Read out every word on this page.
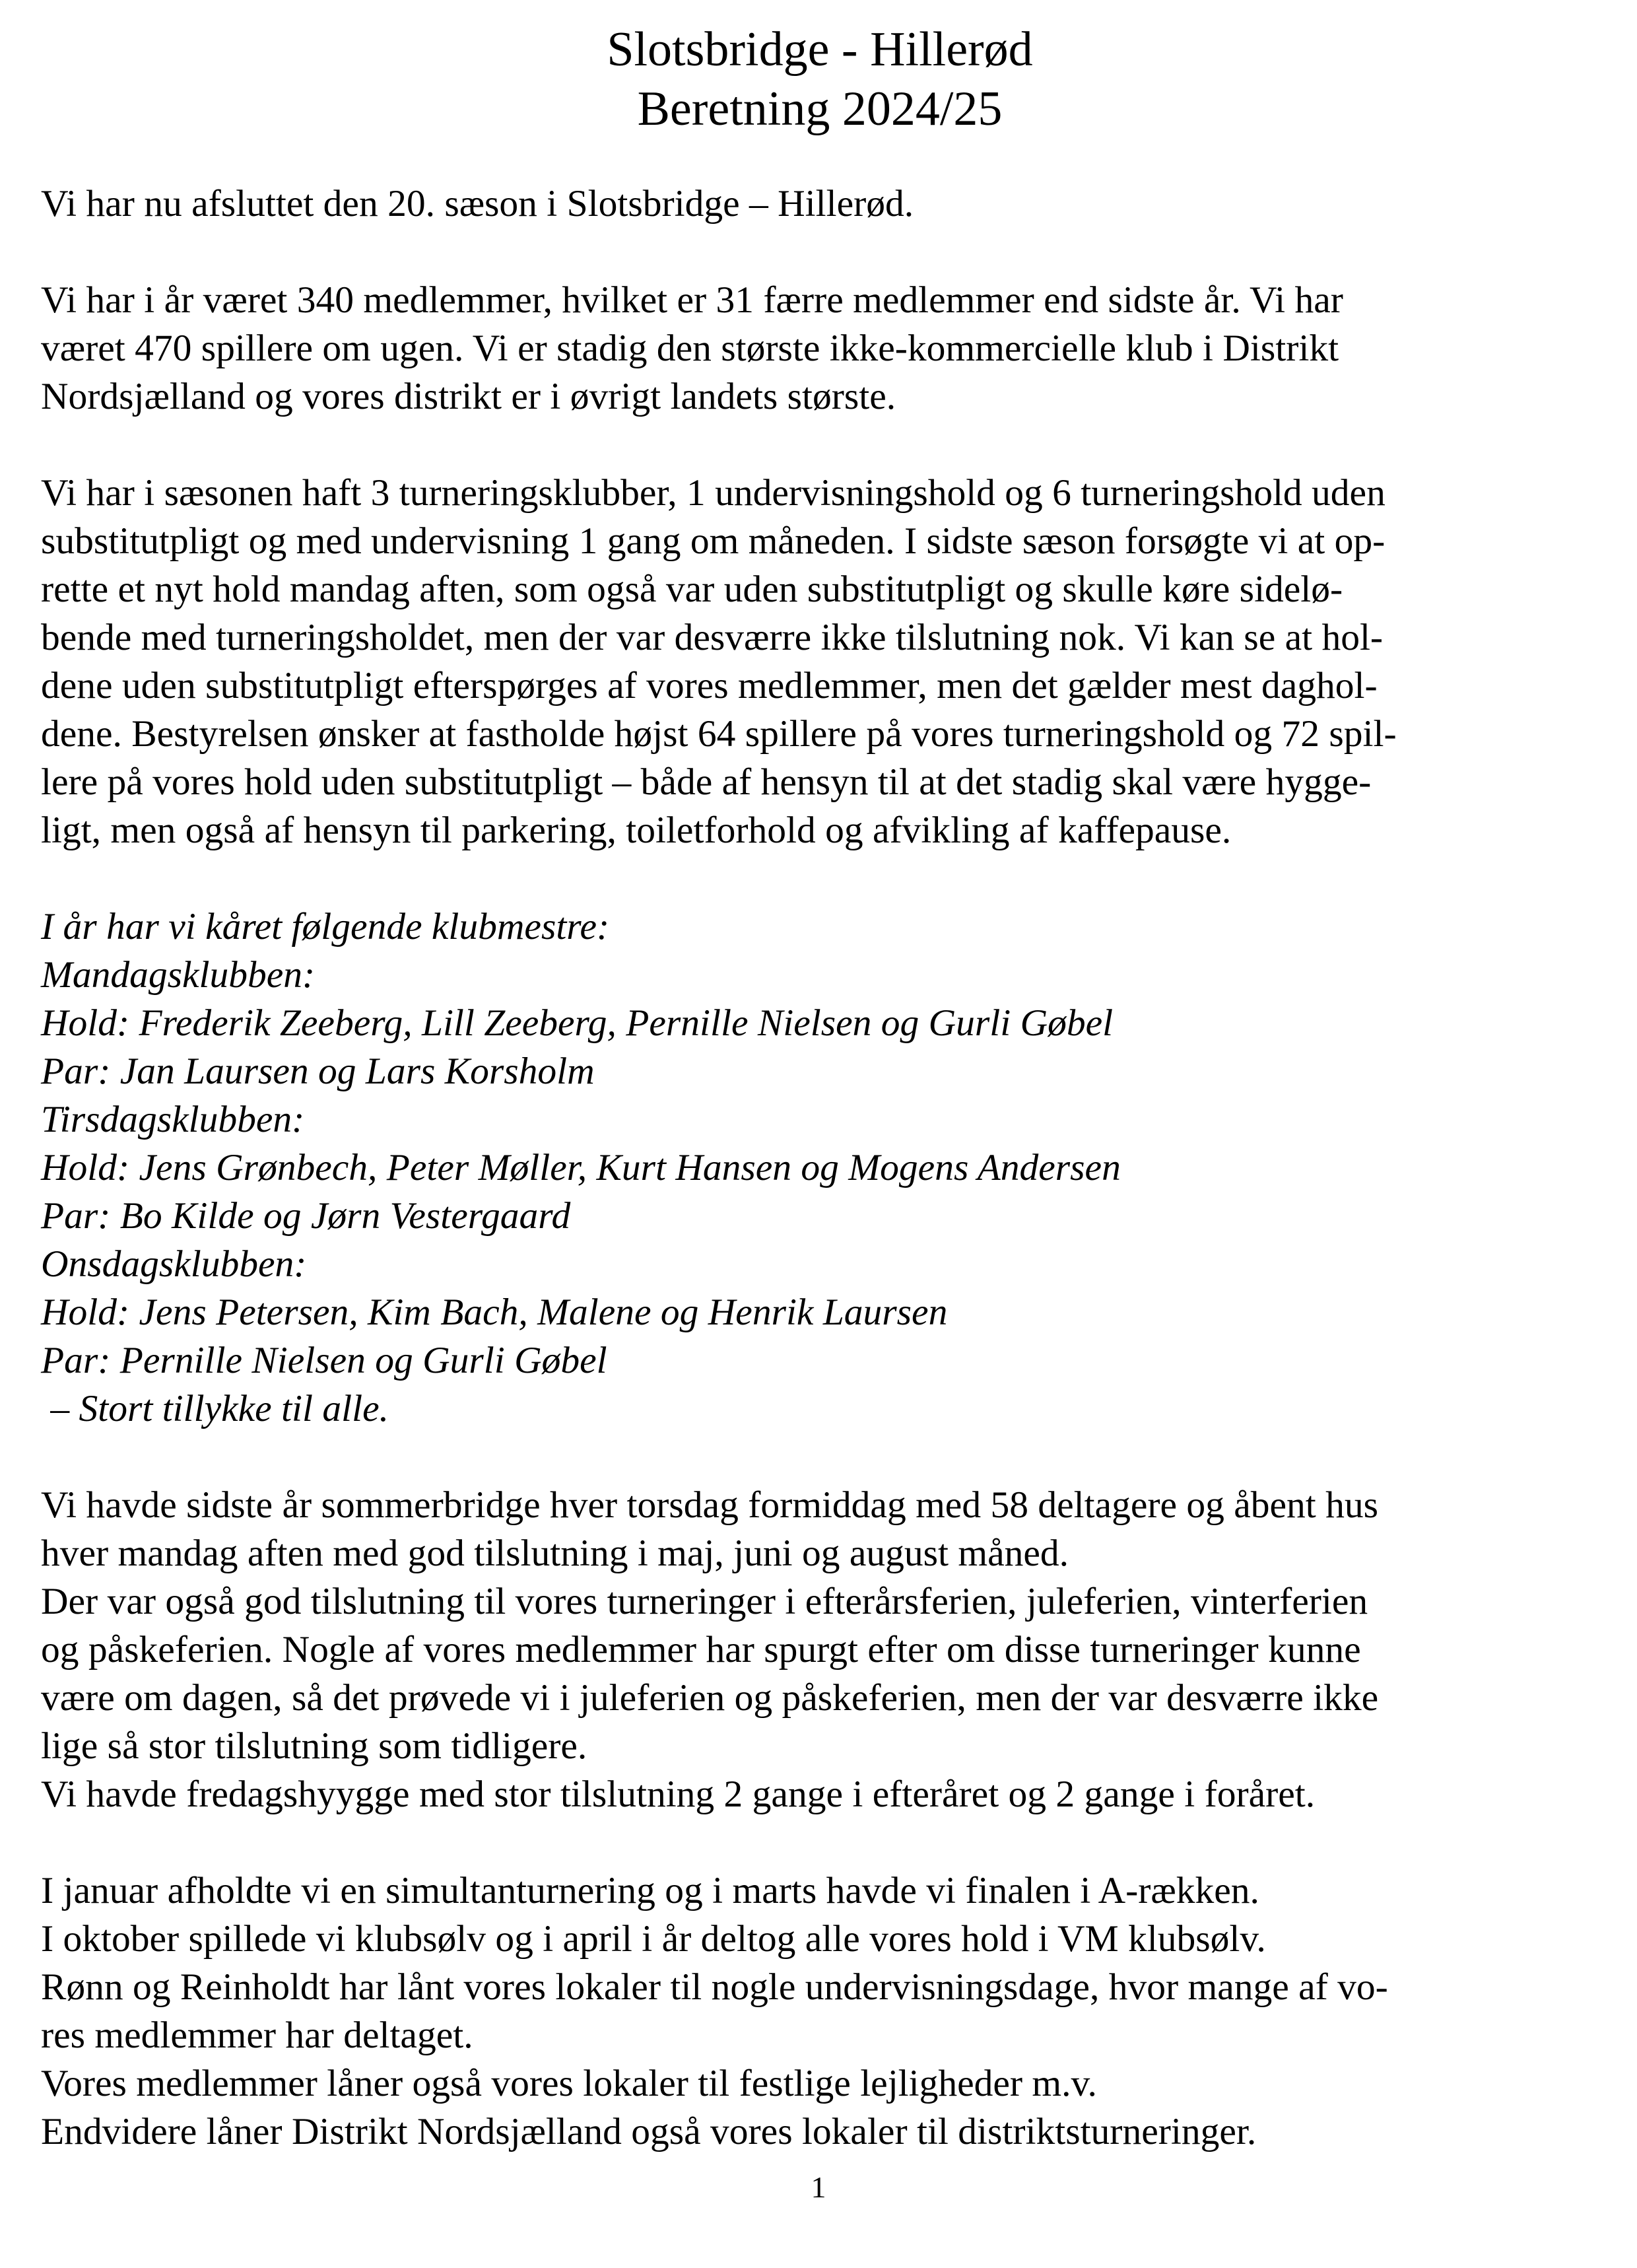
Slotsbridge - Hillerød
Beretning 2024/25

Vi har nu afsluttet den 20. sæson i Slotsbridge – Hillerød.

Vi har i år været 340 medlemmer, hvilket er 31 færre medlemmer end sidste år. Vi har
været 470 spillere om ugen. Vi er stadig den største ikke-kommercielle klub i Distrikt
Nordsjælland og vores distrikt er i øvrigt landets største.
Vi har i sæsonen haft 3 turneringsklubber, 1 undervisningshold og 6 turneringshold uden
substitutpligt og med undervisning 1 gang om måneden. I sidste sæson forsøgte vi at op-
rette et nyt hold mandag aften, som også var uden substitutpligt og skulle køre sidelø-
bende med turneringsholdet, men der var desværre ikke tilslutning nok. Vi kan se at hol-
dene uden substitutpligt efterspørges af vores medlemmer, men det gælder mest daghol-
dene. Bestyrelsen ønsker at fastholde højst 64 spillere på vores turneringshold og 72 spil-
lere på vores hold uden substitutpligt – både af hensyn til at det stadig skal være hygge-
ligt, men også af hensyn til parkering, toiletforhold og afvikling af kaffepause.
I år har vi kåret følgende klubmestre:
Mandagsklubben:
Hold: Frederik Zeeberg, Lill Zeeberg, Pernille Nielsen og Gurli Gøbel
Par: Jan Laursen og Lars Korsholm
Tirsdagsklubben:
Hold: Jens Grønbech, Peter Møller, Kurt Hansen og Mogens Andersen
Par: Bo Kilde og Jørn Vestergaard
Onsdagsklubben:
Hold: Jens Petersen, Kim Bach, Malene og Henrik Laursen
Par: Pernille Nielsen og Gurli Gøbel
– Stort tillykke til alle.
Vi havde sidste år sommerbridge hver torsdag formiddag med 58 deltagere og åbent hus
hver mandag aften med god tilslutning i maj, juni og august måned.
Der var også god tilslutning til vores turneringer i efterårsferien, juleferien, vinterferien
og påskeferien. Nogle af vores medlemmer har spurgt efter om disse turneringer kunne
være om dagen, så det prøvede vi i juleferien og påskeferien, men der var desværre ikke
lige så stor tilslutning som tidligere.
Vi havde fredagshyygge med stor tilslutning 2 gange i efteråret og 2 gange i foråret.
I januar afholdte vi en simultanturnering og i marts havde vi finalen i A-rækken.
I oktober spillede vi klubsølv og i april i år deltog alle vores hold i VM klubsølv.
Rønn og Reinholdt har lånt vores lokaler til nogle undervisningsdage, hvor mange af vo-
res medlemmer har deltaget.
Vores medlemmer låner også vores lokaler til festlige lejligheder m.v.
Endvidere låner Distrikt Nordsjælland også vores lokaler til distriktsturneringer.
1
